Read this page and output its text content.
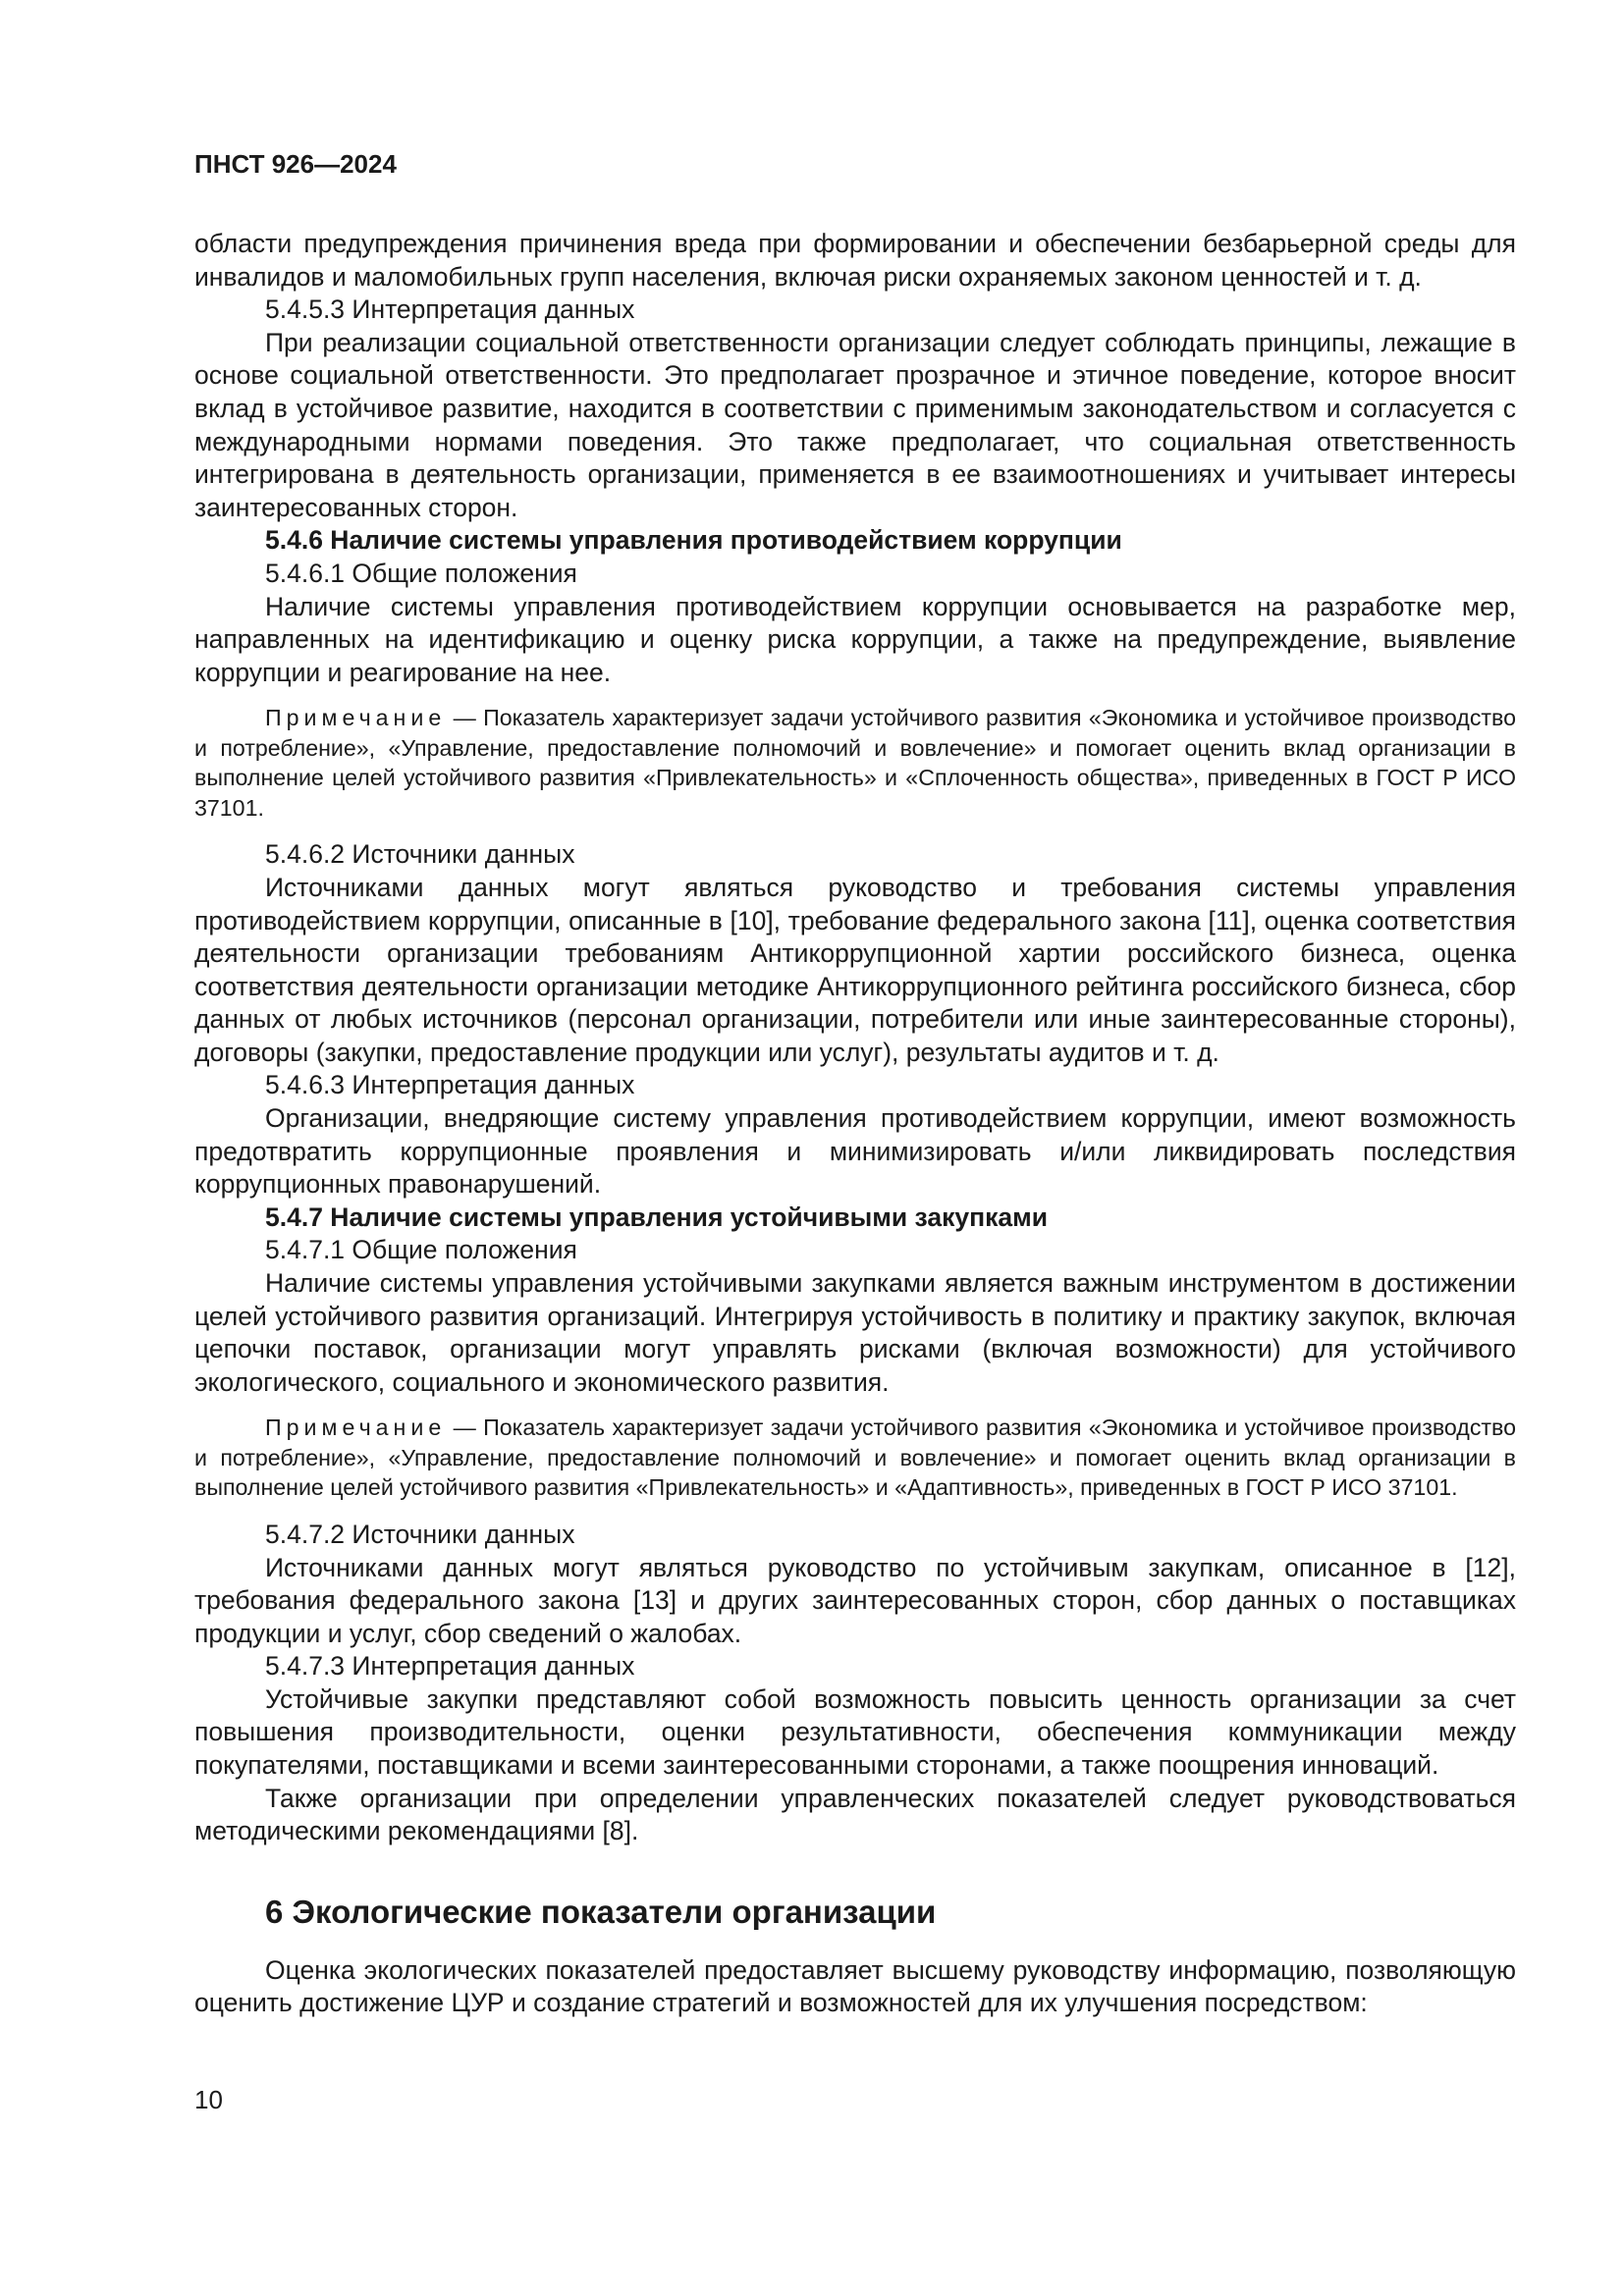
ПНСТ 926—2024

области предупреждения причинения вреда при формировании и обеспечении безбарьерной среды для инвалидов и маломобильных групп населения, включая риски охраняемых законом ценностей и т. д.

5.4.5.3 Интерпретация данных

При реализации социальной ответственности организации следует соблюдать принципы, лежащие в основе социальной ответственности. Это предполагает прозрачное и этичное поведение, которое вносит вклад в устойчивое развитие, находится в соответствии с применимым законодательством и согласуется с международными нормами поведения. Это также предполагает, что социальная ответственность интегрирована в деятельность организации, применяется в ее взаимоотношениях и учитывает интересы заинтересованных сторон.

5.4.6 Наличие системы управления противодействием коррупции

5.4.6.1 Общие положения

Наличие системы управления противодействием коррупции основывается на разработке мер, направленных на идентификацию и оценку риска коррупции, а также на предупреждение, выявление коррупции и реагирование на нее.

Примечание — Показатель характеризует задачи устойчивого развития «Экономика и устойчивое производство и потребление», «Управление, предоставление полномочий и вовлечение» и помогает оценить вклад организации в выполнение целей устойчивого развития «Привлекательность» и «Сплоченность общества», приведенных в ГОСТ Р ИСО 37101.

5.4.6.2 Источники данных

Источниками данных могут являться руководство и требования системы управления противодействием коррупции, описанные в [10], требование федерального закона [11], оценка соответствия деятельности организации требованиям Антикоррупционной хартии российского бизнеса, оценка соответствия деятельности организации методике Антикоррупционного рейтинга российского бизнеса, сбор данных от любых источников (персонал организации, потребители или иные заинтересованные стороны), договоры (закупки, предоставление продукции или услуг), результаты аудитов и т. д.

5.4.6.3 Интерпретация данных

Организации, внедряющие систему управления противодействием коррупции, имеют возможность предотвратить коррупционные проявления и минимизировать и/или ликвидировать последствия коррупционных правонарушений.

5.4.7 Наличие системы управления устойчивыми закупками

5.4.7.1 Общие положения

Наличие системы управления устойчивыми закупками является важным инструментом в достижении целей устойчивого развития организаций. Интегрируя устойчивость в политику и практику закупок, включая цепочки поставок, организации могут управлять рисками (включая возможности) для устойчивого экологического, социального и экономического развития.

Примечание — Показатель характеризует задачи устойчивого развития «Экономика и устойчивое производство и потребление», «Управление, предоставление полномочий и вовлечение» и помогает оценить вклад организации в выполнение целей устойчивого развития «Привлекательность» и «Адаптивность», приведенных в ГОСТ Р ИСО 37101.

5.4.7.2 Источники данных

Источниками данных могут являться руководство по устойчивым закупкам, описанное в [12], требования федерального закона [13] и других заинтересованных сторон, сбор данных о поставщиках продукции и услуг, сбор сведений о жалобах.

5.4.7.3 Интерпретация данных

Устойчивые закупки представляют собой возможность повысить ценность организации за счет повышения производительности, оценки результативности, обеспечения коммуникации между покупателями, поставщиками и всеми заинтересованными сторонами, а также поощрения инноваций.

Также организации при определении управленческих показателей следует руководствоваться методическими рекомендациями [8].

6 Экологические показатели организации

Оценка экологических показателей предоставляет высшему руководству информацию, позволяющую оценить достижение ЦУР и создание стратегий и возможностей для их улучшения посредством:

10
